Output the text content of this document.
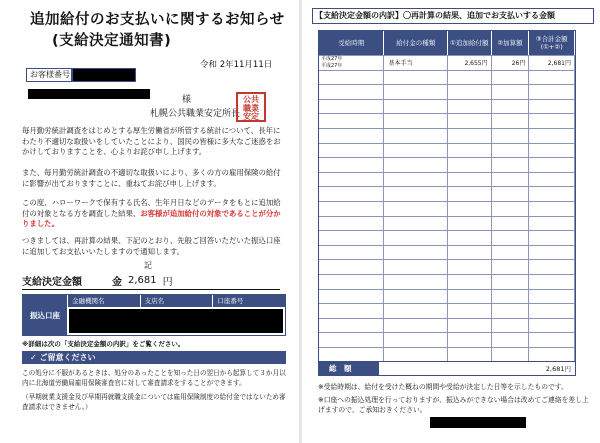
追加給付のお支払いに関するお知らせ
(支給決定通知書)
令和 2年11月11日
お客様番号
様
札幌公共職業安定所長
公共
職業
安定
毎月勤労統計調査をはじめとする厚生労働省が所管する統計について、長年にわたり不適切な取扱いをしていたことにより、国民の皆様に多大なご迷惑をおかけしておりますことを、心よりお詫び申し上げます。
また、毎月勤労統計調査の不適切な取扱いにより、多くの方の雇用保険の給付に影響が出ておりますことに、重ねてお詫び申し上げます。
この度、ハローワークで保有する氏名、生年月日などのデータをもとに追加給付の対象となる方を調査した結果、お客様が追加給付の対象であることが分かりました。
つきましては、再計算の結果、下記のとおり、先般ご回答いただいた振込口座に追加してお支払いいたしますので通知します。
記
支給決定金額	金 2,681 円
振込口座
金融機関名	支店名	口座番号
※詳細は次の「支給決定金額の内訳」をご覧ください。
✓ ご留意ください
この処分に不服があるときは、処分のあったことを知った日の翌日から起算して３か月以内に北海道労働局雇用保険審査官に対して審査請求をすることができます。
（早期就業支援金及び早期再就職支援金については雇用保険制度の給付金ではないため審査請求はできません。）
【支給決定金額の内訳】〇再計算の結果、追加でお支払いする金額
受給時期	給付金の種類	①追加給付額	②加算額	③合計金額(①+②)
平成27年
平成27年	基本手当	2,655円	26円	2,681円
総　額	2,681円
※受給時期は、給付を受けた概ねの期間や受給が決定した日等を示したものです。
※口座への振込処理を行っておりますが、振込みができない場合は改めてご連絡を差し上げますので、ご承知おきください。
